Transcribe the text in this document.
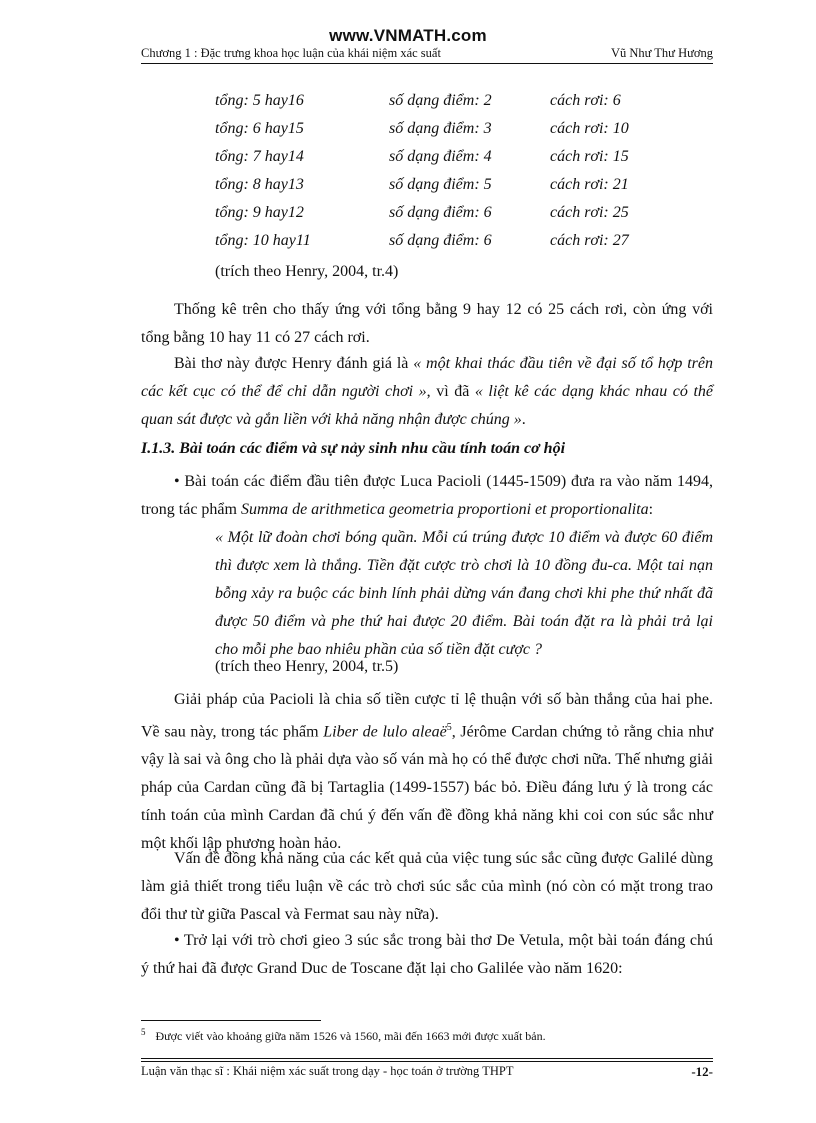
www.VNMATH.com
Chương 1 : Đặc trưng khoa học luận của khái niệm xác suất	Vũ Như Thư Hương
tổng: 5 hay16	số dạng điểm: 2	cách rơi: 6
tổng: 6 hay15	số dạng điểm: 3	cách rơi: 10
tổng: 7 hay14	số dạng điểm: 4	cách rơi: 15
tổng: 8 hay13	số dạng điểm: 5	cách rơi: 21
tổng: 9 hay12	số dạng điểm: 6	cách rơi: 25
tổng: 10 hay11	số dạng điểm: 6	cách rơi: 27
(trích theo Henry, 2004, tr.4)
Thống kê trên cho thấy ứng với tổng bằng 9 hay 12 có 25 cách rơi, còn ứng với tổng bằng 10 hay 11 có 27 cách rơi.
Bài thơ này được Henry đánh giá là « một khai thác đầu tiên về đại số tổ hợp trên các kết cục có thể để chỉ dẫn người chơi », vì đã « liệt kê các dạng khác nhau có thể quan sát được và gắn liền với khả năng nhận được chúng ».
I.1.3. Bài toán các điểm và sự nảy sinh nhu cầu tính toán cơ hội
• Bài toán các điểm đầu tiên được Luca Pacioli (1445-1509) đưa ra vào năm 1494, trong tác phẩm Summa de arithmetica geometria proportioni et proportionalita:
« Một lữ đoàn chơi bóng quần. Mỗi cú trúng được 10 điểm và được 60 điểm thì được xem là thắng. Tiền đặt cược trò chơi là 10 đồng đu-ca. Một tai nạn bỗng xảy ra buộc các binh lính phải dừng ván đang chơi khi phe thứ nhất đã được 50 điểm và phe thứ hai được 20 điểm. Bài toán đặt ra là phải trả lại cho mỗi phe bao nhiêu phần của số tiền đặt cược ?
(trích theo Henry, 2004, tr.5)
Giải pháp của Pacioli là chia số tiền cược tỉ lệ thuận với số bàn thắng của hai phe. Về sau này, trong tác phẩm Liber de lulo aleaë$^5$, Jérôme Cardan chứng tỏ rằng chia như vậy là sai và ông cho là phải dựa vào số ván mà họ có thể được chơi nữa. Thế nhưng giải pháp của Cardan cũng đã bị Tartaglia (1499-1557) bác bỏ. Điều đáng lưu ý là trong các tính toán của mình Cardan đã chú ý đến vấn đề đồng khả năng khi coi con súc sắc như một khối lập phương hoàn hảo.
Vấn đề đồng khả năng của các kết quả của việc tung súc sắc cũng được Galilé dùng làm giả thiết trong tiểu luận về các trò chơi súc sắc của mình (nó còn có mặt trong trao đổi thư từ giữa Pascal và Fermat sau này nữa).
• Trở lại với trò chơi gieo 3 súc sắc trong bài thơ De Vetula, một bài toán đáng chú ý thứ hai đã được Grand Duc de Toscane đặt lại cho Galilée vào năm 1620:
$^5$ Được viết vào khoảng giữa năm 1526 và 1560, mãi đến 1663 mới được xuất bản.
Luận văn thạc sĩ : Khái niệm xác suất trong dạy - học toán ở trường THPT	-12-
